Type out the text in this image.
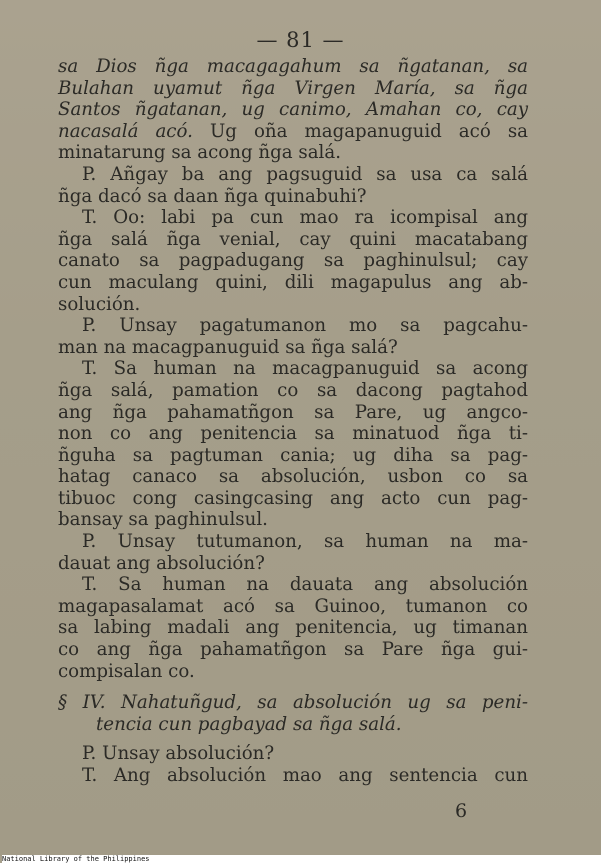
— 81 —
sa Dios ñga macagagahum sa ñgatanan, sa
Bulahan uyamut ñga Virgen María, sa ñga
Santos ñgatanan, ug canimo, Amahan co, cay
nacasalá acó. Ug oña magapanuguid acó sa
minatarung sa acong ñga salá.
P. Añgay ba ang pagsuguid sa usa ca salá
ñga dacó sa daan ñga quinabuhi?
T. Oo: labi pa cun mao ra icompisal ang
ñga salá ñga venial, cay quini macatabang
canato sa pagpadugang sa paghinulsul; cay
cun maculang quini, dili magapulus ang ab-
solución.
P. Unsay pagatumanon mo sa pagcahu-
man na macagpanuguid sa ñga salá?
T. Sa human na macagpanuguid sa acong
ñga salá, pamation co sa dacong pagtahod
ang ñga pahamatñgon sa Pare, ug angco-
non co ang penitencia sa minatuod ñga ti-
ñguha sa pagtuman cania; ug diha sa pag-
hatag canaco sa absolución, usbon co sa
tibuoc cong casingcasing ang acto cun pag-
bansay sa paghinulsul.
P. Unsay tutumanon, sa human na ma-
dauat ang absolución?
T. Sa human na dauata ang absolución
magapasalamat acó sa Guinoo, tumanon co
sa labing madali ang penitencia, ug timanan
co ang ñga pahamatñgon sa Pare ñga gui-
compisalan co.
§ IV. Nahatuñgud, sa absolución ug sa peni-
tencia cun pagbayad sa ñga salá.
P. Unsay absolución?
T. Ang absolución mao ang sentencia cun
6
National Library of the Philippines
